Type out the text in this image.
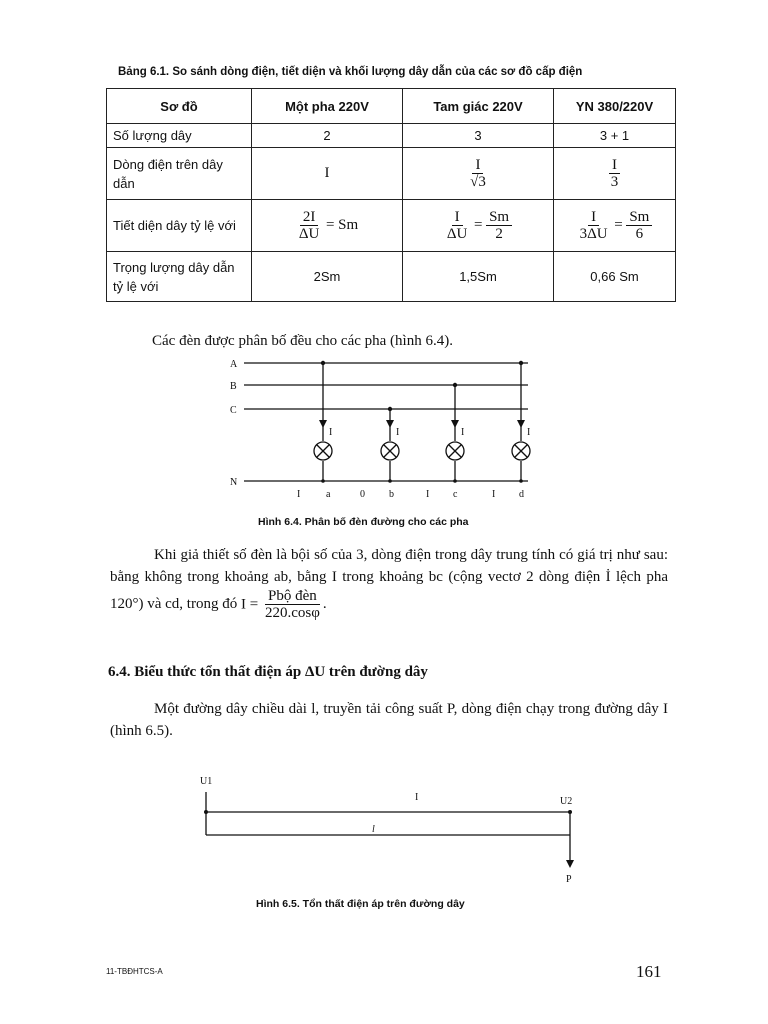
Bảng 6.1. So sánh dòng điện, tiết diện và khối lượng dây dẫn của các sơ đồ cấp điện
Sơ đồ	Một pha 220V	Tam giác 220V	YN 380/220V
Số lượng dây	2	3	3 + 1
Dòng điện trên dây dẫn	I	$\frac{I}{√3}$	$\frac{I}{3}$

Tiết diện dây tỷ lệ với	$\frac{2I}{\Delta U} = Sm$	$\frac{I}{\Delta U} = \frac{Sm}{2}$	$\frac{I}{3\Delta U} = \frac{Sm}{6}$

Trọng lượng dây dẫn tỷ lệ với	2Sm	1,5Sm	0,66 Sm
Các đèn được phân bố đều cho các pha (hình 6.4).
A
B
C
N
I	I	I	I
I	a	0 b	I c	I d
Hình 6.4. Phân bố đèn đường cho các pha
Khi giả thiết số đèn là bội số của 3, dòng điện trong dây trung tính có giá trị như sau: bằng không trong khoảng ab, bằng I trong khoảng bc (cộng vectơ 2 dòng điện İ lệch pha 120°) và cd, trong đó $I = \frac{\text{Pbộ đèn}}{220.\cos\varphi}$ .
6.4. Biểu thức tổn thất điện áp ΔU trên đường dây
Một đường dây chiều dài l, truyền tải công suất P, dòng điện chạy trong đường dây I (hình 6.5).
U1
U2
I
l
P
Hình 6.5. Tổn thất điện áp trên đường dây
11-TBĐHTCS-A	161
